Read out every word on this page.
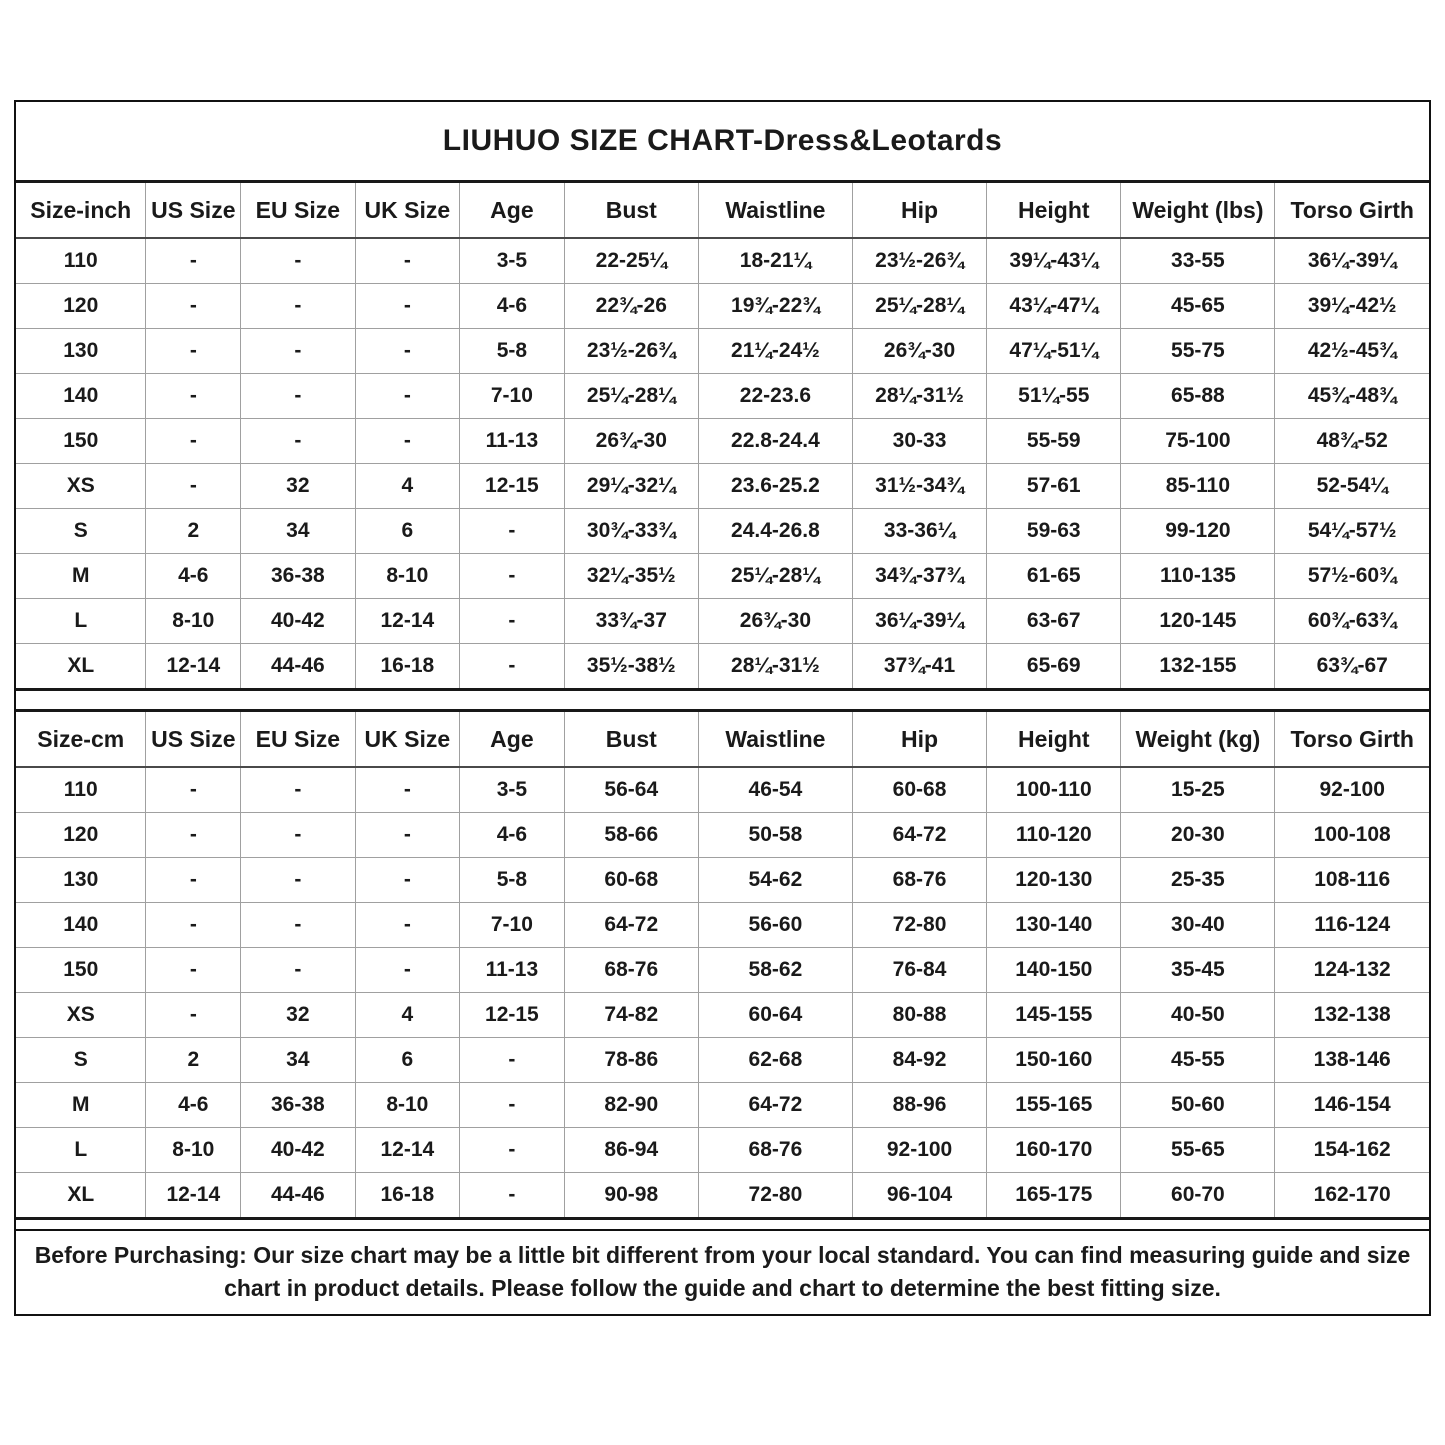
LIUHUO SIZE CHART-Dress&Leotards
Size-inch	US Size	EU Size	UK Size	Age	Bust	Waistline	Hip	Height	Weight (lbs)	Torso Girth
110	-	-	-	3-5	22-25¼	18-21¼	23½-26¾	39¼-43¼	33-55	36¼-39¼
120	-	-	-	4-6	22¾-26	19¾-22¾	25¼-28¼	43¼-47¼	45-65	39¼-42½
130	-	-	-	5-8	23½-26¾	21¼-24½	26¾-30	47¼-51¼	55-75	42½-45¾
140	-	-	-	7-10	25¼-28¼	22-23.6	28¼-31½	51¼-55	65-88	45¾-48¾
150	-	-	-	11-13	26¾-30	22.8-24.4	30-33	55-59	75-100	48¾-52
XS	-	32	4	12-15	29¼-32¼	23.6-25.2	31½-34¾	57-61	85-110	52-54¼
S	2	34	6	-	30¾-33¾	24.4-26.8	33-36¼	59-63	99-120	54¼-57½
M	4-6	36-38	8-10	-	32¼-35½	25¼-28¼	34¾-37¾	61-65	110-135	57½-60¾
L	8-10	40-42	12-14	-	33¾-37	26¾-30	36¼-39¼	63-67	120-145	60¾-63¾
XL	12-14	44-46	16-18	-	35½-38½	28¼-31½	37¾-41	65-69	132-155	63¾-67
Size-cm	US Size	EU Size	UK Size	Age	Bust	Waistline	Hip	Height	Weight (kg)	Torso Girth
110	-	-	-	3-5	56-64	46-54	60-68	100-110	15-25	92-100
120	-	-	-	4-6	58-66	50-58	64-72	110-120	20-30	100-108
130	-	-	-	5-8	60-68	54-62	68-76	120-130	25-35	108-116
140	-	-	-	7-10	64-72	56-60	72-80	130-140	30-40	116-124
150	-	-	-	11-13	68-76	58-62	76-84	140-150	35-45	124-132
XS	-	32	4	12-15	74-82	60-64	80-88	145-155	40-50	132-138
S	2	34	6	-	78-86	62-68	84-92	150-160	45-55	138-146
M	4-6	36-38	8-10	-	82-90	64-72	88-96	155-165	50-60	146-154
L	8-10	40-42	12-14	-	86-94	68-76	92-100	160-170	55-65	154-162
XL	12-14	44-46	16-18	-	90-98	72-80	96-104	165-175	60-70	162-170
Before Purchasing: Our size chart may be a little bit different from your local standard. You can find measuring guide and size chart in product details. Please follow the guide and chart to determine the best fitting size.
